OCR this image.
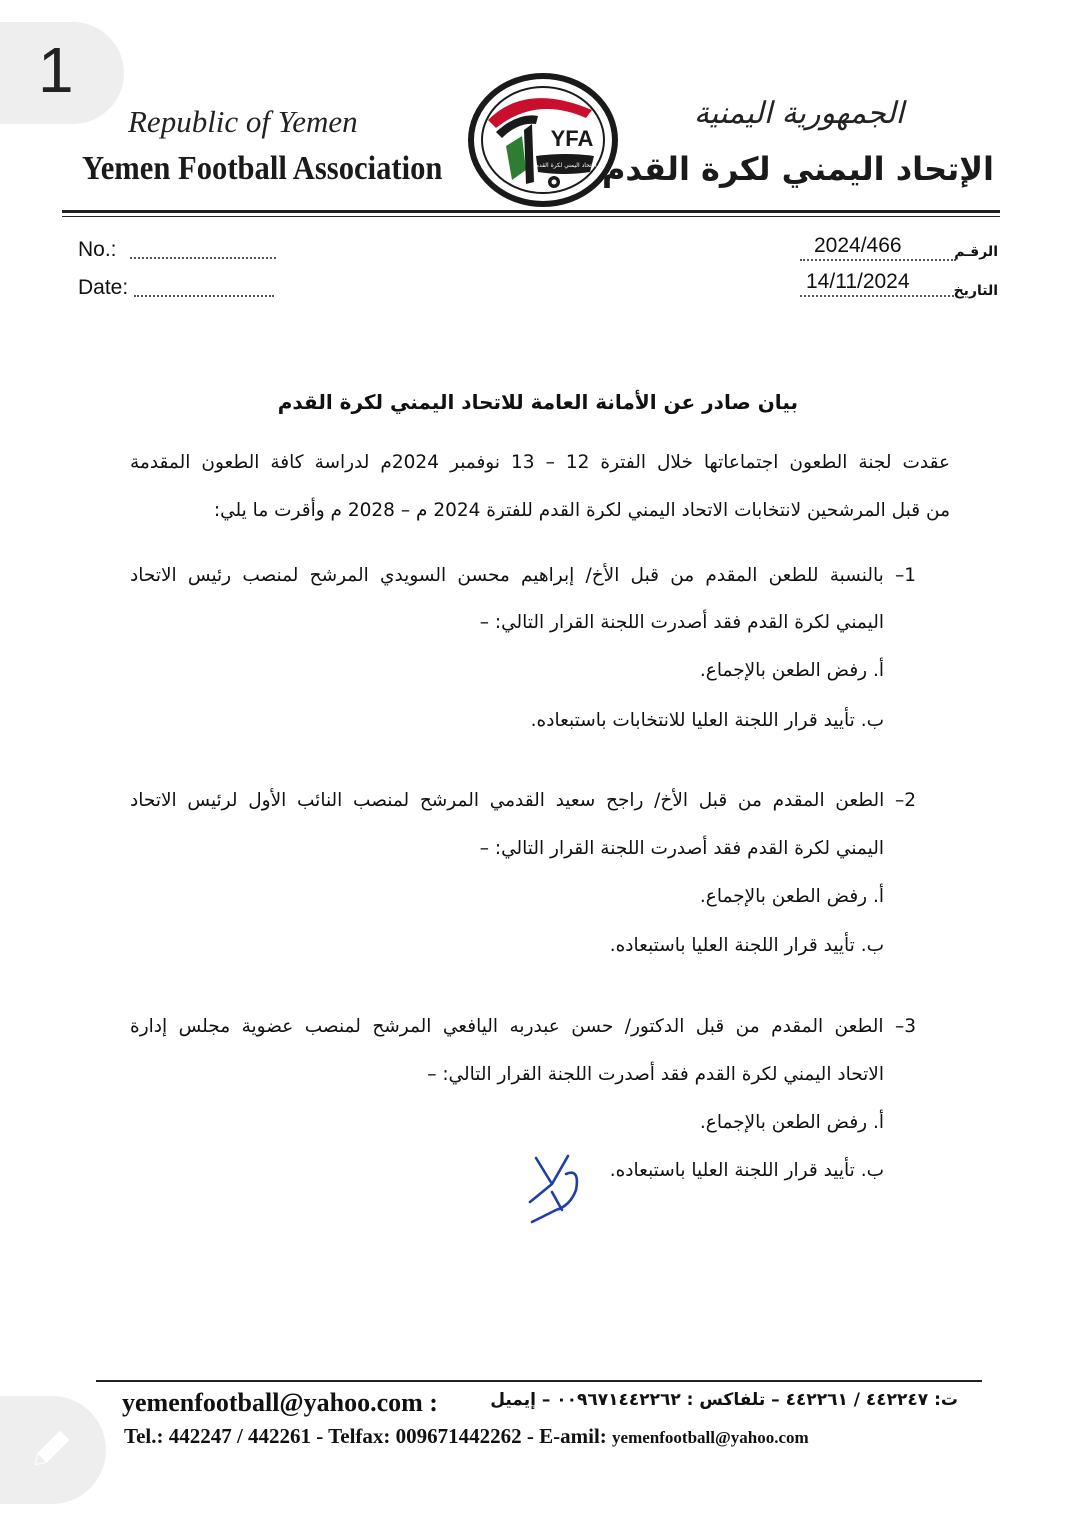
1
Republic of Yemen
Yemen Football Association
الجمهورية اليمنية
الإتحاد اليمني لكرة القدم
YFA
الاتحاد اليمني لكرة القدم
No.:
Date:
2024/466	الرقـم
14/11/2024	التاريخ
بيان صادر عن الأمانة العامة للاتحاد اليمني لكرة القدم
عقدت لجنة الطعون اجتماعاتها خلال الفترة 12 – 13 نوفمبر 2024م لدراسة كافة الطعون المقدمة
من قبل المرشحين لانتخابات الاتحاد اليمني لكرة القدم للفترة 2024 م – 2028 م وأقرت ما يلي:
1– بالنسبة للطعن المقدم من قبل الأخ/ إبراهيم محسن السويدي المرشح لمنصب رئيس الاتحاد
اليمني لكرة القدم فقد أصدرت اللجنة القرار التالي: –
أ. رفض الطعن بالإجماع.
ب. تأييد قرار اللجنة العليا للانتخابات باستبعاده.
2– الطعن المقدم من قبل الأخ/ راجح سعيد القدمي المرشح لمنصب النائب الأول لرئيس الاتحاد
اليمني لكرة القدم فقد أصدرت اللجنة القرار التالي: –
أ. رفض الطعن بالإجماع.
ب. تأييد قرار اللجنة العليا باستبعاده.
3– الطعن المقدم من قبل الدكتور/ حسن عبدربه اليافعي المرشح لمنصب عضوية مجلس إدارة
الاتحاد اليمني لكرة القدم فقد أصدرت اللجنة القرار التالي: –
أ. رفض الطعن بالإجماع.
ب. تأييد قرار اللجنة العليا باستبعاده.
yemenfootball@yahoo.com :	ت: ٤٤٢٢٤٧ / ٤٤٢٢٦١ – تلفاكس : ٠٠٩٦٧١٤٤٢٢٦٢ – إيميل
Tel.: 442247 / 442261 - Telfax: 009671442262 - E-amil: yemenfootball@yahoo.com
